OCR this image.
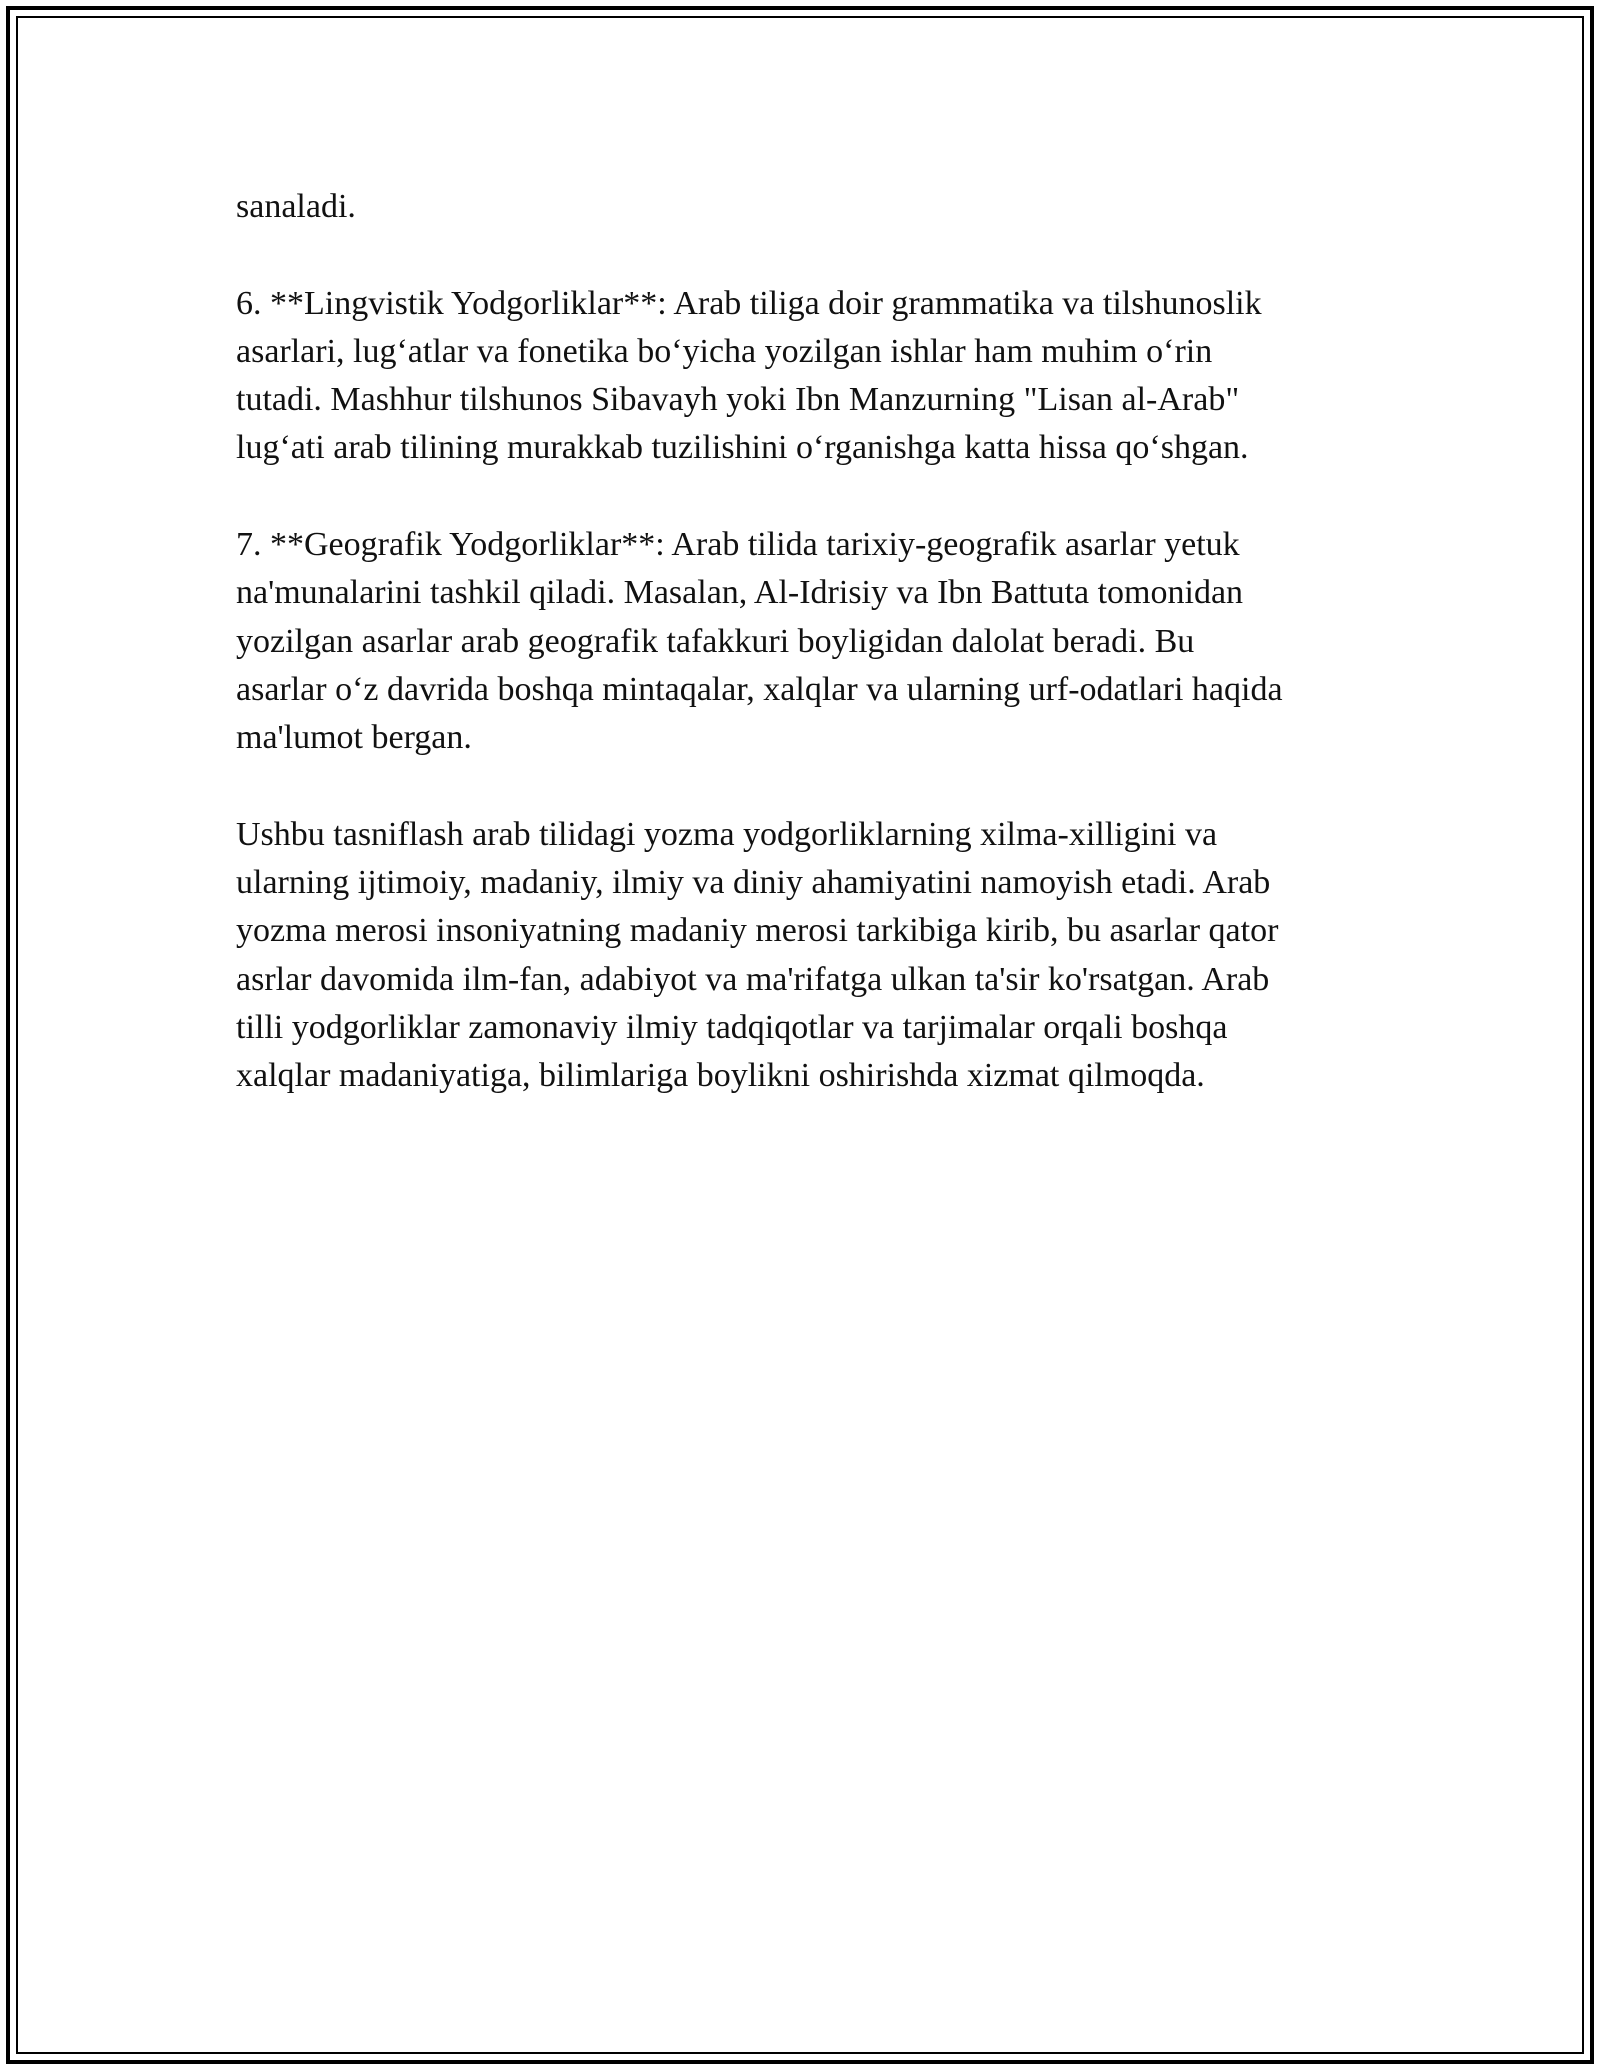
sanaladi.

6. **Lingvistik Yodgorliklar**: Arab tiliga doir grammatika va tilshunoslik
asarlari, lug‘atlar va fonetika bo‘yicha yozilgan ishlar ham muhim o‘rin
tutadi. Mashhur tilshunos Sibavayh yoki Ibn Manzurning "Lisan al-Arab"
lug‘ati arab tilining murakkab tuzilishini o‘rganishga katta hissa qo‘shgan.

7. **Geografik Yodgorliklar**: Arab tilida tarixiy-geografik asarlar yetuk
na'munalarini tashkil qiladi. Masalan, Al-Idrisiy va Ibn Battuta tomonidan
yozilgan asarlar arab geografik tafakkuri boyligidan dalolat beradi. Bu
asarlar o‘z davrida boshqa mintaqalar, xalqlar va ularning urf-odatlari haqida
ma'lumot bergan.

Ushbu tasniflash arab tilidagi yozma yodgorliklarning xilma-xilligini va
ularning ijtimoiy, madaniy, ilmiy va diniy ahamiyatini namoyish etadi. Arab
yozma merosi insoniyatning madaniy merosi tarkibiga kirib, bu asarlar qator
asrlar davomida ilm-fan, adabiyot va ma'rifatga ulkan ta'sir ko'rsatgan. Arab
tilli yodgorliklar zamonaviy ilmiy tadqiqotlar va tarjimalar orqali boshqa
xalqlar madaniyatiga, bilimlariga boylikni oshirishda xizmat qilmoqda.
